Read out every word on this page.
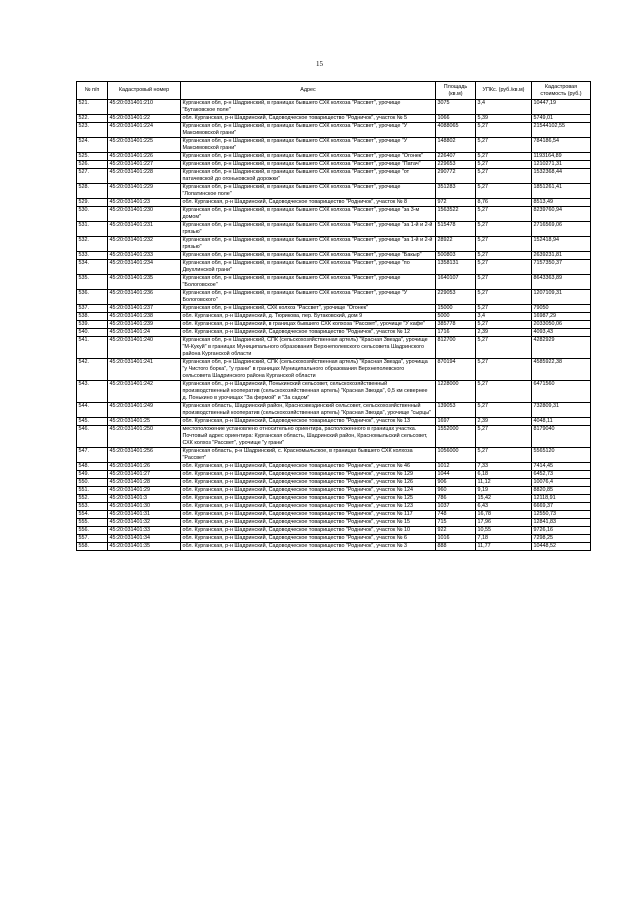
15
№ п/п	Кадастровый номер	Адрес	Площадь (кв.м)	УПКс. (руб./кв.м)	Кадастровая стоимость (руб.)
521.	45:20:031401:210	Курганская обл, р-н Шадринский, в границах бывшего СХК колхоза "Рассвет", урочище "Бутаковское поле"	3075	3,4	10447,19
522.	45:20:031401:22	обл. Курганская, р-н Шадринский, Садоводческое товарищество "Родничок", участок № 5	1066	5,39	5749,01
523.	45:20:031401:224	Курганская обл, р-н Шадринский, в границах бывшего СХК колхоза "Рассвет", урочище "У Максимовской грани"	4088065	5,27	21544102,55
524.	45:20:031401:225	Курганская обл, р-н Шадринский, в границах бывшего СХК колхоза "Рассвет", урочище "У Максимовской грани"	148802	5,27	784186,54
525.	45:20:031401:226	Курганская обл, р-н Шадринский, в границах бывшего СХК колхоза "Рассвет", урочище "Огонек"	226407	5,27	1193164,89
526.	45:20:031401:227	Курганская обл, р-н Шадринский, в границах бывшего СХК колхоза "Рассвет", урочище "Патач"	229653	5,27	1210271,31
527.	45:20:031401:228	Курганская обл, р-н Шадринский, в границах бывшего СХК колхоза "Рассвет", урочище "от патачевской до огоньковской дорожки"	290772	5,27	1532368,44
528.	45:20:031401:229	Курганская обл, р-н Шадринский, в границах бывшего СХК колхоза "Рассвет", урочище "Лопатинское поле"	351283	5,27	1851261,41
529.	45:20:031401:23	обл. Курганская, р-н Шадринский, Садоводческое товарищество "Родничок", участок № 8	972	8,76	8513,49
530.	45:20:031401:230	Курганская обл, р-н Шадринский, в границах бывшего СХК колхоза "Рассвет", урочище "за 3-м домом"	1563522	5,27	8239760,94
531.	45:20:031401:231	Курганская обл, р-н Шадринский, в границах бывшего СХК колхоза "Рассвет", урочище "за 1-й и 2-й грязью"	515478	5,27	2716569,06
532.	45:20:031401:232	Курганская обл, р-н Шадринский, в границах бывшего СХК колхоза "Рассвет", урочище "за 1-й и 2-й грязью"	28922	5,27	152418,94
533.	45:20:031401:233	Курганская обл, р-н Шадринский, в границах бывшего СХК колхоза "Рассвет", урочище "Бакыр"	500803	5,27	2639231,81
534.	45:20:031401:234	Курганская обл, р-н Шадринский, в границах бывшего СХК колхоза "Рассвет", урочище "по Двухлинской грани"	1358131	5,27	7157350,37
535.	45:20:031401:235	Курганская обл, р-н Шадринский, в границах бывшего СХК колхоза "Рассвет", урочище "Бологовское"	1640107	5,27	8643363,89
536.	45:20:031401:236	Курганская обл, р-н Шадринский, в границах бывшего СХК колхоза "Рассвет", урочище "У Бологовского"	229053	5,27	1207109,31
537.	45:20:031401:237	Курганская обл, р-н Шадринский, СХК колхоз "Рассвет", урочище "Огонек"	15000	5,27	79050
538.	45:20:031401:238	обл. Курганская, р-н Шадринский, д. Тюрикова, пер. Бутаковский, дом 9	5000	3,4	16987,29
539.	45:20:031401:239	обл. Курганская, р-н Шадринский, в границах бывшего СХК колхоза "Рассвет", урочище "У кафе"	385778	5,27	2033050,06
540.	45:20:031401:24	обл. Курганская, р-н Шадринский, Садоводческое товарищество "Родничок", участок № 12	1716	2,39	4093,43
541.	45:20:031401:240	Курганская обл, р-н Шадринский, СПК (сельскохозяйственная артель) "Красная Звезда", урочище "М-Кукуй" в границах Муниципального образования Верхнеполевского сельсовета Шадринского района Курганской области	812700	5,27	4282929
542.	45:20:031401:241	Курганская обл, р-н Шадринский, СПК (сельскохозяйственная артель) "Красная Звезда", урочища "у Чистого борка", "у грани" в границах Муниципального образования Верхнеполевского сельсовета Шадринского района Курганской области	870194	5,27	4585922,38
543.	45:20:031401:242	Курганская обл., р-н Шадринский, Понькинский сельсовет, сельскохозяйственный производственный кооператив (сельскохозяйственная артель) "Красная Звезда", 0,5 км севернее д. Понькино в урочищах "За фермой" и "За садом"	1228000	5,27	6471560
544.	45:20:031401:249	Курганская область, Шадринский район, Красноэвездинский сельсовет, сельскохозяйственный производственный кооператив (сельскохозяйственная артель) "Красная Звезда", урочище "сырцы"	139053	5,27	732809,31
545.	45:20:031401:25	обл. Курганская, р-н Шадринский, Садоводческое товарищество "Родничок", участок № 13	1697	2,39	4048,11
546.	45:20:031401:250	местоположение установлено относительно ориентира, расположенного в границах участка. Почтовый адрес ориентира: Курганская область, Шадринский район, Красномыльский сельсовет, СХК колхоз "Рассвет", урочище "у грани"	1552000	5,27	8179040
547.	45:20:031401:256	Курганская область, р-н Шадринский, с. Красномыльское, в границах бывшего СХК колхоза "Рассвет"	1056000	5,27	5565120
548.	45:20:031401:26	обл. Курганская, р-н Шадринский, Садоводческое товарищество "Родничок", участок № 46	1012	7,33	7414,45
549.	45:20:031401:27	обл. Курганская, р-н Шадринский, Садоводческое товарищество "Родничок", участок № 129	1044	6,18	6452,73
550.	45:20:031401:28	обл. Курганская, р-н Шадринский, Садоводческое товарищество "Родничок", участок № 126	906	11,12	10076,4
551.	45:20:031401:29	обл. Курганская, р-н Шадринский, Садоводческое товарищество "Родничок", участок № 124	960	9,19	8820,85
552.	45:20:031401:3	обл. Курганская, р-н Шадринский, Садоводческое товарищество "Родничок", участок № 125	786	15,42	12118,91
553.	45:20:031401:30	обл. Курганская, р-н Шадринский, Садоводческое товарищество "Родничок", участок № 123	1037	6,43	6669,37
554.	45:20:031401:31	обл. Курганская, р-н Шадринский, Садоводческое товарищество "Родничок", участок № 117	748	16,78	12550,73
555.	45:20:031401:32	обл. Курганская, р-н Шадринский, Садоводческое товарищество "Родничок", участок № 15	715	17,96	12841,83
556.	45:20:031401:33	обл. Курганская, р-н Шадринский, Садоводческое товарищество "Родничок", участок № 10	922	10,55	9726,16
557.	45:20:031401:34	обл. Курганская, р-н Шадринский, Садоводческое товарищество "Родничок", участок № 6	1016	7,18	7298,25
558.	45:20:031401:35	обл. Курганская, р-н Шадринский, Садоводческое товарищество "Родничок", участок № 3	888	11,77	10448,52
